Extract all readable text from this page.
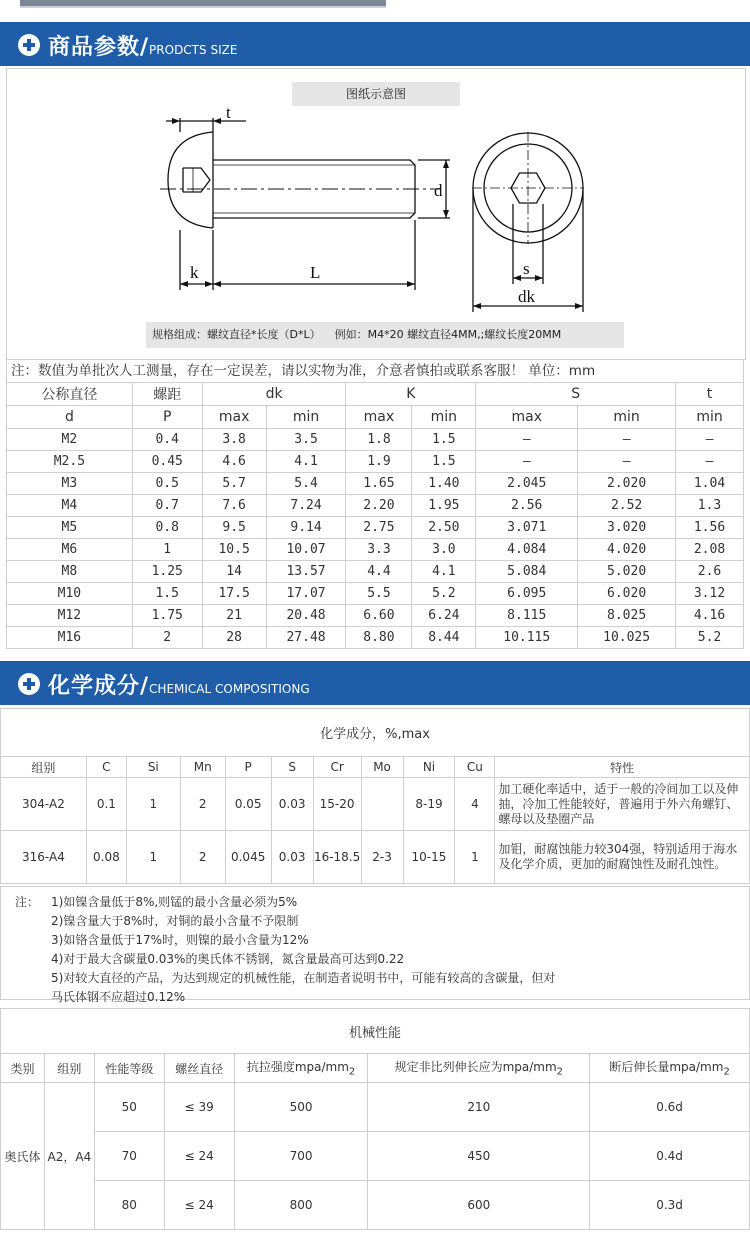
商品参数/PRODCTS SIZE
图纸示意图
t
k	L
d
s
dk
规格组成：螺纹直径*长度（D*L） 例如：M4*20 螺纹直径4MM,;螺纹长度20MM
注：数值为单批次人工测量，存在一定误差，请以实物为准，介意者慎拍或联系客服！ 单位：mm
公称直径	螺距	dk		K		S		t
d	P	max	min	max	min	max	min	min
M2	0.4	3.8	3.5	1.8	1.5	–	–	–
M2.5	0.45	4.6	4.1	1.9	1.5	–	–	–
M3	0.5	5.7	5.4	1.65	1.40	2.045	2.020	1.04
M4	0.7	7.6	7.24	2.20	1.95	2.56	2.52	1.3
M5	0.8	9.5	9.14	2.75	2.50	3.071	3.020	1.56
M6	1	10.5	10.07	3.3	3.0	4.084	4.020	2.08
M8	1.25	14	13.57	4.4	4.1	5.084	5.020	2.6
M10	1.5	17.5	17.07	5.5	5.2	6.095	6.020	3.12
M12	1.75	21	20.48	6.60	6.24	8.115	8.025	4.16
M16	2	28	27.48	8.80	8.44	10.115	10.025	5.2
化学成分/CHEMICAL COMPOSITIONG
化学成分，%,max										
组别	C	Si	Mn	P	S	Cr	Mo	Ni	Cu	特性
304-A2	0.1	1	2	0.05	0.03	15-20		8-19	4	加工硬化率适中，适于一般的冷间加工以及伸抽，冷加工性能较好，普遍用于外六角螺钉、螺母以及垫圈产品
316-A4	0.08	1	2	0.045	0.03	16-18.5	2-3	10-15	1	加钼，耐腐蚀能力较304强，特别适用于海水及化学介质，更加的耐腐蚀性及耐孔蚀性。
注： 1)如镍含量低于8%,则锰的最小含量必须为5%
2)镍含量大于8%时，对铜的最小含量不予限制
3)如铬含量低于17%时，则镍的最小含量为12%
4)对于最大含碳量0.03%的奥氏体不锈钢，氮含量最高可达到0.22
5)对较大直径的产品，为达到规定的机械性能，在制造者说明书中，可能有较高的含碳量，但对
马氏体钢不应超过0.12%
机械性能						
类别	组别	性能等级	螺丝直径	抗拉强度mpa/$mm_2$	规定非比列伸长应为mpa/$mm_2$	断后伸长量mpa/$mm_2$
奥氏体	A2，A4	50	≤ 39	500	210	0.6d
		70	≤ 24	700	450	0.4d
		80	≤ 24	800	600	0.3d
